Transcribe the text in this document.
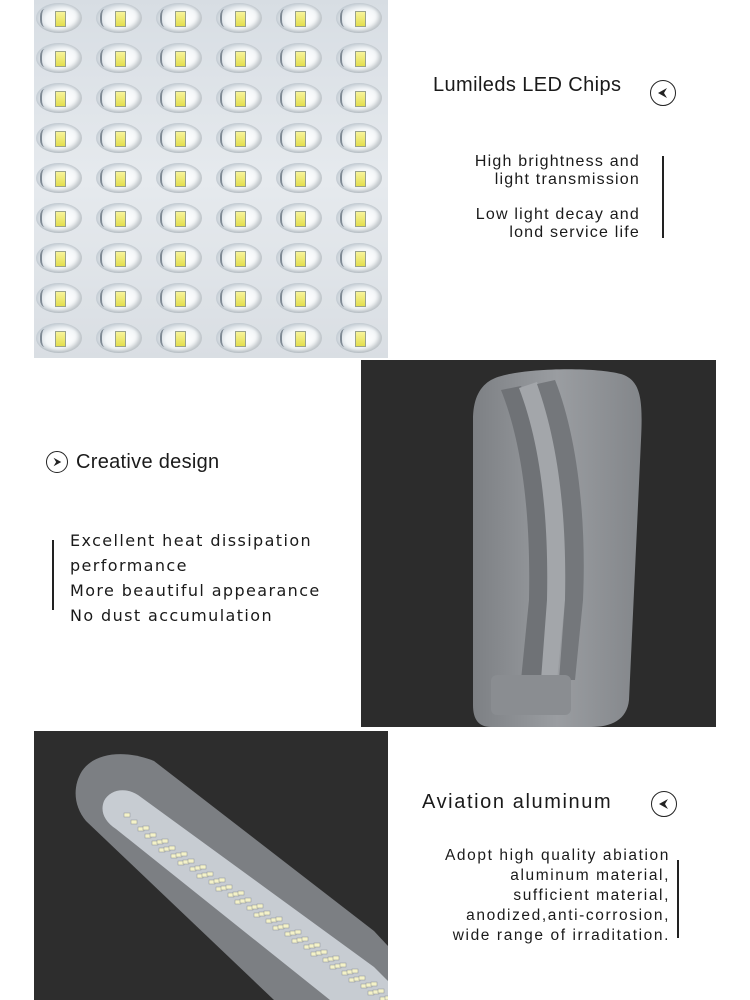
Lumileds LED Chips
High brightness and
light transmission
Low light decay and
lond service life
Creative design
Excellent heat dissipation
performance
More beautiful appearance
No dust accumulation
Aviation aluminum
Adopt high quality abiation
aluminum material,
sufficient material,
anodized,anti-corrosion,
wide range of irraditation.
